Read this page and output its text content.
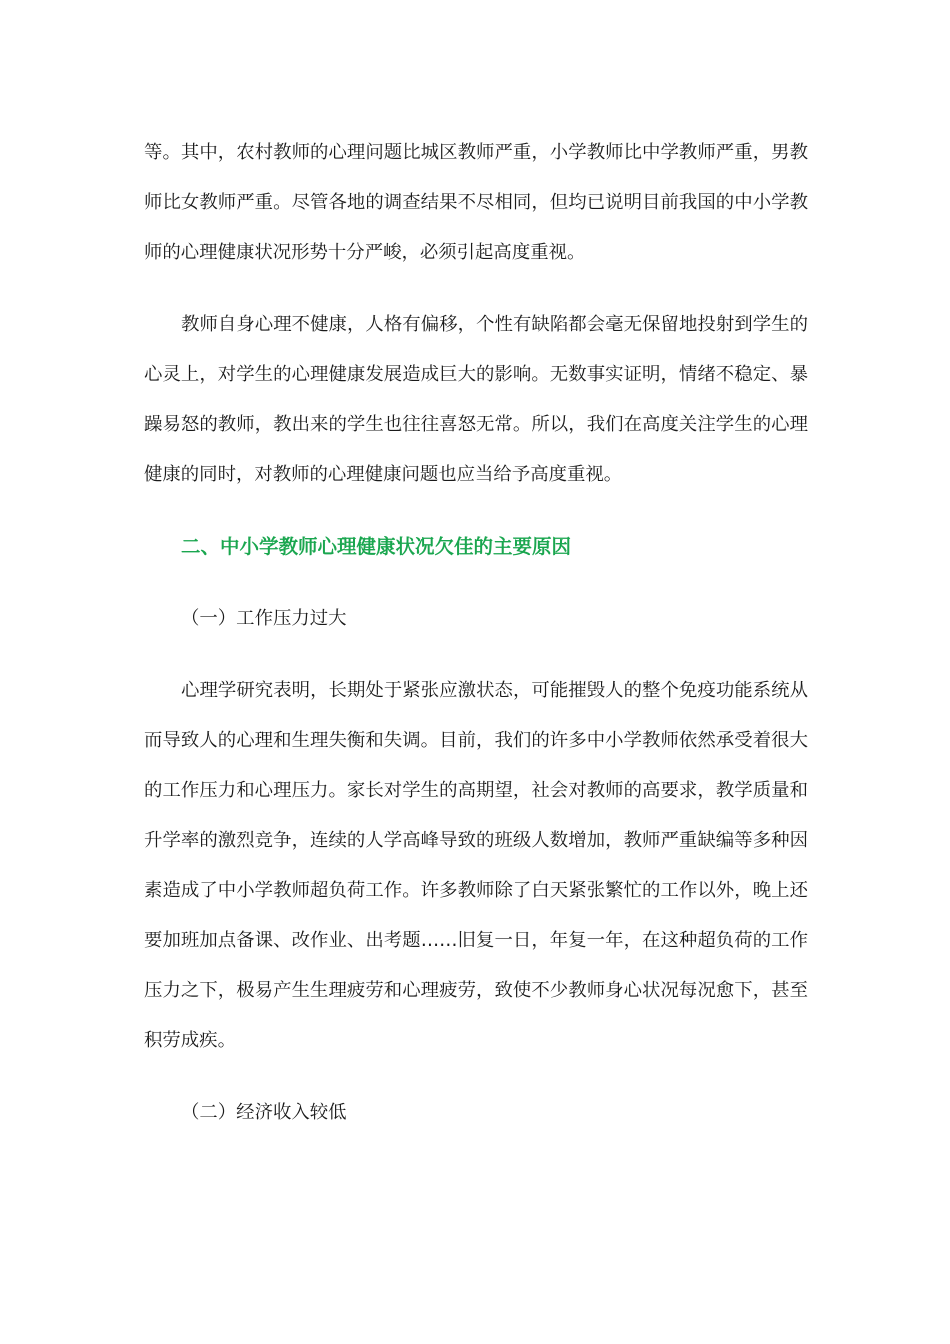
等。其中，农村教师的心理问题比城区教师严重，小学教师比中学教师严重，男教师比女教师严重。尽管各地的调查结果不尽相同，但均已说明目前我国的中小学教师的心理健康状况形势十分严峻，必须引起高度重视。

教师自身心理不健康，人格有偏移，个性有缺陷都会毫无保留地投射到学生的心灵上，对学生的心理健康发展造成巨大的影响。无数事实证明，情绪不稳定、暴躁易怒的教师，教出来的学生也往往喜怒无常。所以，我们在高度关注学生的心理健康的同时，对教师的心理健康问题也应当给予高度重视。

二、中小学教师心理健康状况欠佳的主要原因

（一）工作压力过大

心理学研究表明，长期处于紧张应激状态，可能摧毁人的整个免疫功能系统从而导致人的心理和生理失衡和失调。目前，我们的许多中小学教师依然承受着很大的工作压力和心理压力。家长对学生的高期望，社会对教师的高要求，教学质量和升学率的激烈竞争，连续的人学高峰导致的班级人数增加，教师严重缺编等多种因素造成了中小学教师超负荷工作。许多教师除了白天紧张繁忙的工作以外，晚上还要加班加点备课、改作业、出考题……旧复一日，年复一年，在这种超负荷的工作压力之下，极易产生生理疲劳和心理疲劳，致使不少教师身心状况每况愈下，甚至积劳成疾。

（二）经济收入较低
